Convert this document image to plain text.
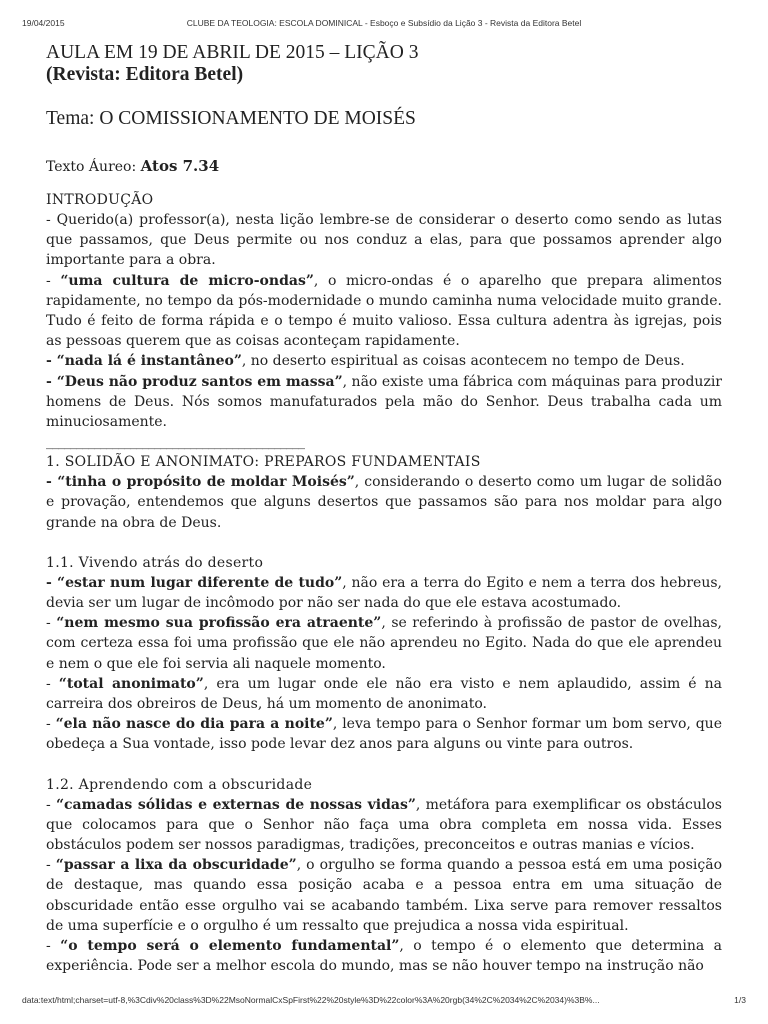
19/04/2015	CLUBE DA TEOLOGIA: ESCOLA DOMINICAL - Esboço e Subsídio da Lição 3 - Revista da Editora Betel
AULA EM 19 DE ABRIL DE 2015 – LIÇÃO 3
(Revista: Editora Betel)
Tema: O COMISSIONAMENTO DE MOISÉS
Texto Áureo: Atos 7.34
INTRODUÇÃO

- Querido(a) professor(a), nesta lição lembre-se de considerar o deserto como sendo as lutas que passamos, que Deus permite ou nos conduz a elas, para que possamos aprender algo importante para a obra.

- “uma cultura de micro-ondas”, o micro-ondas é o aparelho que prepara alimentos rapidamente, no tempo da pós-modernidade o mundo caminha numa velocidade muito grande. Tudo é feito de forma rápida e o tempo é muito valioso. Essa cultura adentra às igrejas, pois as pessoas querem que as coisas aconteçam rapidamente.

- “nada lá é instantâneo”, no deserto espiritual as coisas acontecem no tempo de Deus.

- “Deus não produz santos em massa”, não existe uma fábrica com máquinas para produzir homens de Deus. Nós somos manufaturados pela mão do Senhor. Deus trabalha cada um minuciosamente.

___________________________________________
1. SOLIDÃO E ANONIMATO: PREPAROS FUNDAMENTAIS

- “tinha o propósito de moldar Moisés”, considerando o deserto como um lugar de solidão e provação, entendemos que alguns desertos que passamos são para nos moldar para algo grande na obra de Deus.

1.1. Vivendo atrás do deserto

- “estar num lugar diferente de tudo”, não era a terra do Egito e nem a terra dos hebreus, devia ser um lugar de incômodo por não ser nada do que ele estava acostumado.

- “nem mesmo sua profissão era atraente”, se referindo à profissão de pastor de ovelhas, com certeza essa foi uma profissão que ele não aprendeu no Egito. Nada do que ele aprendeu e nem o que ele foi servia ali naquele momento.

- “total anonimato”, era um lugar onde ele não era visto e nem aplaudido, assim é na carreira dos obreiros de Deus, há um momento de anonimato.

- “ela não nasce do dia para a noite”, leva tempo para o Senhor formar um bom servo, que obedeça a Sua vontade, isso pode levar dez anos para alguns ou vinte para outros.

1.2. Aprendendo com a obscuridade

- “camadas sólidas e externas de nossas vidas”, metáfora para exemplificar os obstáculos que colocamos para que o Senhor não faça uma obra completa em nossa vida. Esses obstáculos podem ser nossos paradigmas, tradições, preconceitos e outras manias e vícios.

- “passar a lixa da obscuridade”, o orgulho se forma quando a pessoa está em uma posição de destaque, mas quando essa posição acaba e a pessoa entra em uma situação de obscuridade então esse orgulho vai se acabando também. Lixa serve para remover ressaltos de uma superfície e o orgulho é um ressalto que prejudica a nossa vida espiritual.

- “o tempo será o elemento fundamental”, o tempo é o elemento que determina a experiência. Pode ser a melhor escola do mundo, mas se não houver tempo na instrução não

data:text/html;charset=utf-8,%3Cdiv%20class%3D%22MsoNormalCxSpFirst%22%20style%3D%22color%3A%20rgb(34%2C%2034%2C%2034)%3B%...	1/3
